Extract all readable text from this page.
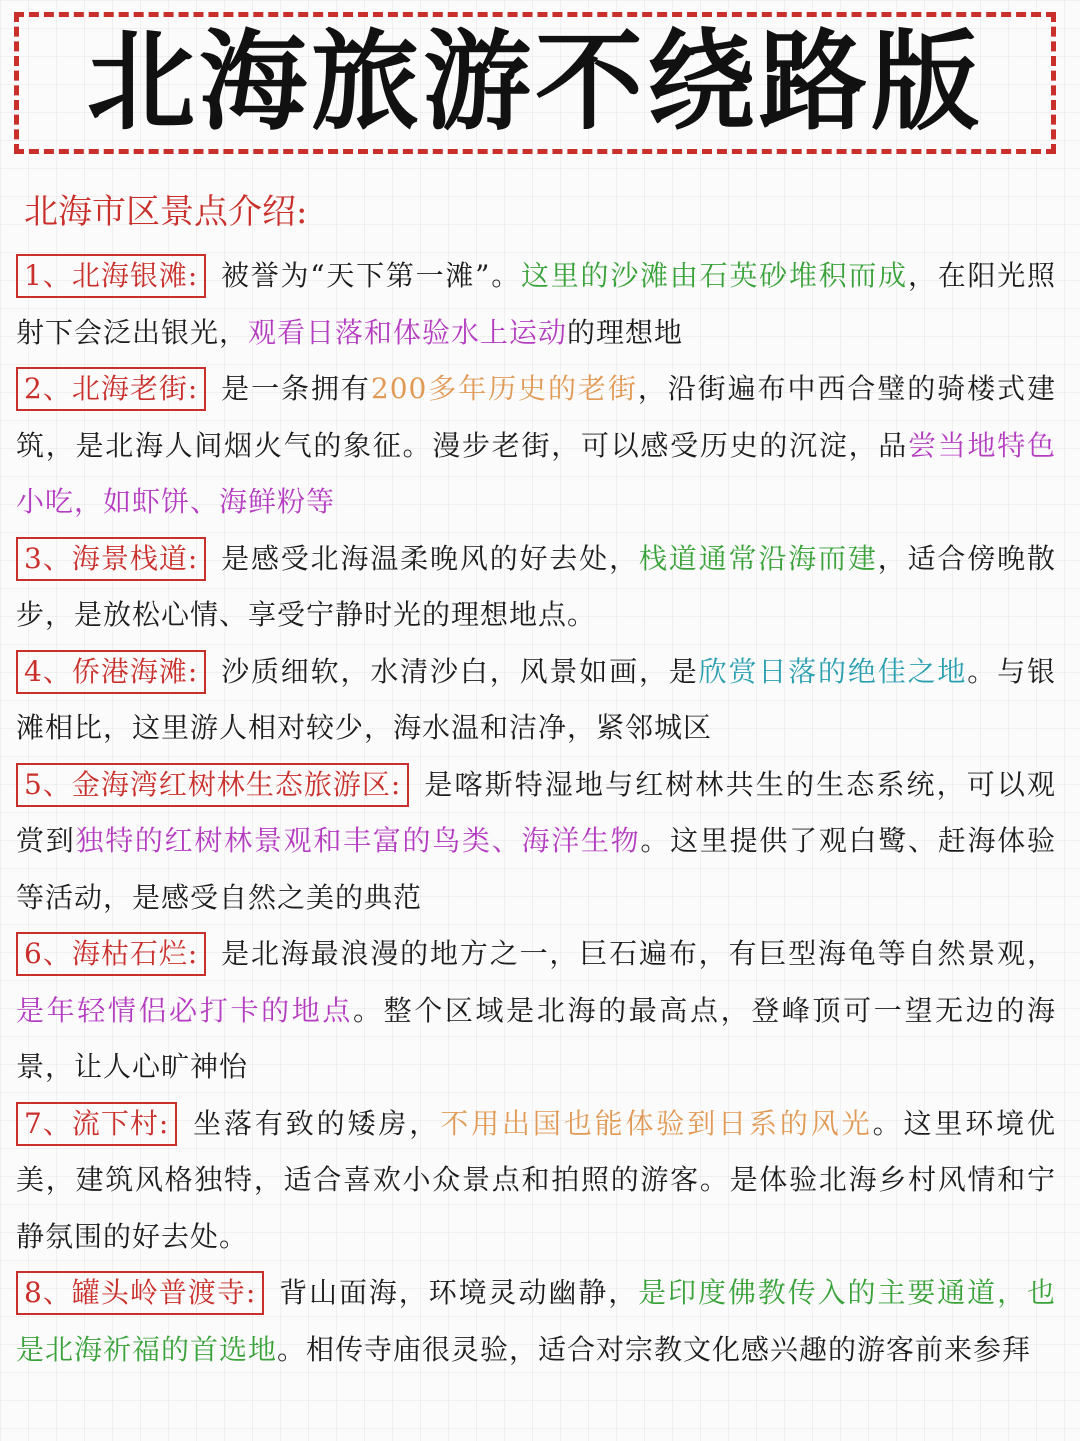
北海旅游不绕路版
北海市区景点介绍:

1、北海银滩: 被誉为“天下第一滩”。这里的沙滩由石英砂堆积而成，在阳光照射下会泛出银光，观看日落和体验水上运动的理想地

2、北海老街: 是一条拥有200多年历史的老街，沿街遍布中西合璧的骑楼式建筑，是北海人间烟火气的象征。漫步老街，可以感受历史的沉淀，品尝当地特色小吃，如虾饼、海鲜粉等

3、海景栈道: 是感受北海温柔晚风的好去处，栈道通常沿海而建，适合傍晚散步，是放松心情、享受宁静时光的理想地点。

4、侨港海滩: 沙质细软，水清沙白，风景如画，是欣赏日落的绝佳之地。与银滩相比，这里游人相对较少，海水温和洁净，紧邻城区

5、金海湾红树林生态旅游区: 是喀斯特湿地与红树林共生的生态系统，可以观赏到独特的红树林景观和丰富的鸟类、海洋生物。这里提供了观白鹭、赶海体验等活动，是感受自然之美的典范

6、海枯石烂: 是北海最浪漫的地方之一，巨石遍布，有巨型海龟等自然景观，是年轻情侣必打卡的地点。整个区域是北海的最高点，登峰顶可一望无边的海景，让人心旷神怡

7、流下村: 坐落有致的矮房，不用出国也能体验到日系的风光。这里环境优美，建筑风格独特，适合喜欢小众景点和拍照的游客。是体验北海乡村风情和宁静氛围的好去处。

8、罐头岭普渡寺: 背山面海，环境灵动幽静，是印度佛教传入的主要通道，也是北海祈福的首选地。相传寺庙很灵验，适合对宗教文化感兴趣的游客前来参拜
